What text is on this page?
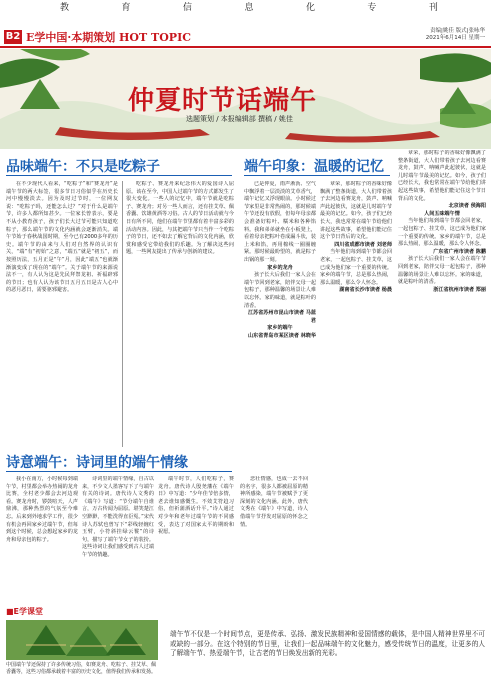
教	育	信	息	化	专	刊
B2 E学中国·本期策划 HOT TOPIC	责编|姚佳 版式|张咏华
2021年6月14日 星期一
仲夏时节话端午
选题策划 / 本报编辑部 撰稿 / 姚佳
品味端午：不只是吃粽子

在不少现代人看来，“吃粽子”和“赛龙舟”是端午节的两大标签，很多节日习俗似乎在历史长河中慢慢淡去。因为及时过节时，一位网友说：“吃粽子吗，还能怎么过？”对于什么是端午节，许多人都所知甚少。一位家长曾表示，要是不从小教育孩子，孩子们长大过节可能只知道吃粽子，那么端午节的文化内涵就会逐渐消失。端午节始于春秋战国时期，至今已有2000多年的历史。端午节的由来与人们对自然界的认识有关，“端”有“初始”之意，“端五”就是“初五”，而按照历法，五月正是“午”月，因此“端五”也就渐渐演变成了现在的“端午”。关于端午节的来源说法不一，有人认为这是先民拜祭龙祖、祈福辟邪的节日；也有人认为该节日五月五日是古人心中的恶月恶日，需要驱邪避害。

吃粽子、赛龙舟来纪念伟大的爱国诗人屈原。该在至今，中国人过端午节的方式都发生了很大变化。一些人的记忆中，端午节就是吃粽子、赛龙舟；对另一些人而言，还有挂艾草、佩香囊、饮雄黄酒等习俗。古人的节日活动就与今日有所不同，他们在端午节里都有着丰富多彩的活动内容。因此，与其把端午节只当作一个吃粽子的节日，还不如去了解它背后的文化内涵，欣赏和感受它带给我们的乐趣。为了解决这些问题，一些网友提出了传承与创新的建议。

诗意端午：诗词里的端午情缘

我小在南方，小时候每到端午节，村里都会举办热闹的龙舟比赛，全村老少都会去河边观看。赛龙舟时，锣鼓喧天，人声鼎沸，那种热烈的气氛至今难忘。后来到外地求学工作，很少有机会再回家乡过端午节，但每到这个时候，总会想起家乡的龙舟和母亲包的粽子。

诗词里的端午情缘，自古以来，不少文人墨客写下了与端午有关的诗词。唐代诗人文秀的《端午》写道：“节分端午自谁言，万古传闻为屈原。堪笑楚江空渺渺，不能洗得直臣冤。”宋代诗人苏轼也曾写下“彩线轻缠红玉臂，小符斜挂绿云鬟”的诗句，描写了端午节女子的装扮。这些诗词让我们感受到古人过端午节的情趣。

端午时节，人们吃粽子，赛龙舟。唐代诗人殷尧藩在《端午日》中写道：“少年佳节倍多情，老去谁知感慨生。不效艾符趋习俗，但祈蒲酒话升平。”诗人通过对少年和老年过端午节的不同感受，表达了对国家太平的期盼和祝愿。

悲壮情感，也成一去不回的名字，很多人都被屈原的精神所感染，端午节被赋予了更深刻的文化内涵。此外，唐代文秀在《端午》中写道，诗人借端午节抒发对屈原的怀念之情。

端午印象：温暖的记忆

已是仲夏，雨声淅沥、空气中飘浮着一层淡淡的艾草香气，端午记忆又浮现眼前。小时候过节家里是非常热闹的，那时候端午节还没有放假，但每年母亲都会准备好粽叶、糯米和各种馅料。我和弟弟就坐在小板凳上，看着母亲把粽叶卷成漏斗状，装上米和馅，再用棉线一圈圈缠紧。那时候最盼望的，就是粽子出锅的那一刻。

家乡的龙舟

孩子长大后我们一家人会在端午节回到老家，陪伴父母一起包粽子，那种温馨的场景让人难以忘怀。家的味道，就是粽叶的清香。

江苏省苏州市昆山市读者 马蓝君

家乡的端午

山东省青岛市某区读者 林晓华

章荣，那时粽子的香味好像飘满了整条街道，大人们带着孩子去河边看赛龙舟，鼓声、呐喊声此起彼伏，这就是儿时端午节最美的记忆。如今，孩子们已经长大，我也常常在端午节给他们讲起这些故事，希望他们能记住这个节日背后的文化。

四川省成都市读者 刘老师

当年他们每到端午节都会回老家，一起包粽子、挂艾草，这已成为他们家一个重要的传统。家乡的端午节，总是那么热闹，那么温暖，那么令人怀念。

湖南省长沙市读者 杨晨

章荣，那时粽子的香味好像飘满了整条街道，大人们带着孩子去河边看赛龙舟，鼓声、呐喊声此起彼伏，这就是儿时端午节最美的记忆。如今，孩子们已经长大，我也常常在端午节给他们讲起这些故事，希望他们能记住这个节日背后的文化。

北京读者 侯海阳

人间五味端午情

当年他们每到端午节都会回老家，一起包粽子、挂艾草，这已成为他们家一个重要的传统。家乡的端午节，总是那么热闹，那么温暖，那么令人怀念。

广东省广州市读者 陈鹏

孩子长大后我们一家人会在端午节回到老家，陪伴父母一起包粽子，那种温馨的场景让人难以忘怀。家的味道，就是粽叶的清香。

浙江省杭州市读者 郑丽

■E学课堂
中国端午节还保持了许多传统习俗，如赛龙舟、吃粽子、挂艾草、佩香囊等，这些习俗都承载着丰富的历史文化，值得我们传承和发扬。
端午节不仅是一个时间节点，更是传承、弘扬、激发民族精神和爱国情感的载体，是中国人精神世界里不可或缺的一部分。在这个特别的节日里，让我们一起品味端午的文化魅力，感受传统节日的温度，让更多的人了解端午节、热爱端午节，让古老的节日焕发出新的光彩。
